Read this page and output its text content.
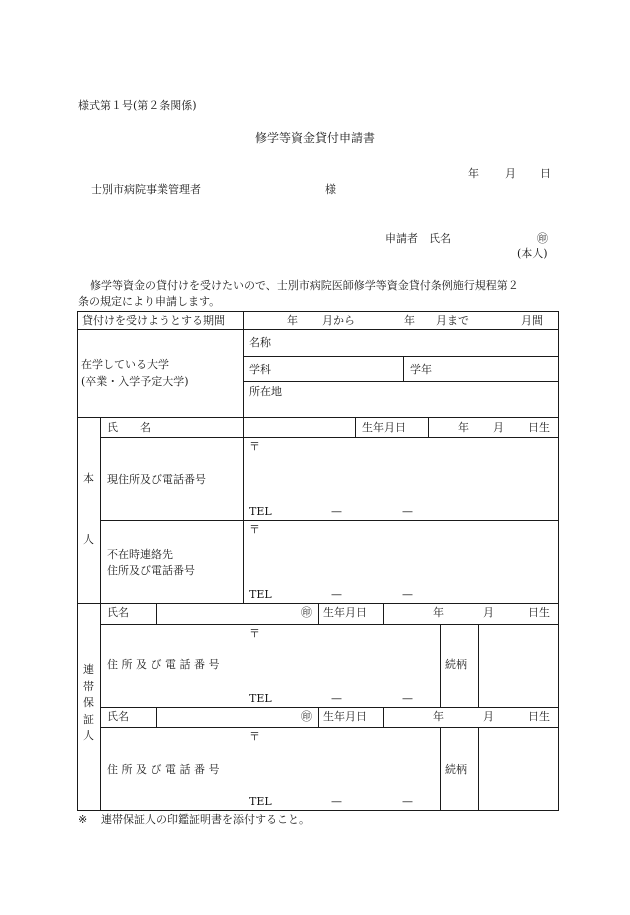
様式第１号(第２条関係)
修学等資金貸付申請書
年 月 日
士別市病院事業管理者	様
申請者　氏名	㊞
(本人)
修学等資金の貸付けを受けたいので、士別市病院医師修学等資金貸付条例施行規程第２
条の規定により申請します。
貸付けを受けようとする期間	年 月から	年 月まで	月間
在学している大学
(卒業・入学予定大学)
名称
学科	学年
所在地
本
人
氏　　名	生年月日	年 月 日生
現住所及び電話番号
〒
TEL	—	—
不在時連絡先
住所及び電話番号
〒
TEL	—	—
連
帯
保
証
人
氏名	㊞ 生年月日	年	月	日生
住 所 及 び 電 話 番 号
〒
TEL	—	—
続柄
氏名	㊞ 生年月日	年	月	日生
住 所 及 び 電 話 番 号
〒
TEL	—	—
続柄
※ 連帯保証人の印鑑証明書を添付すること。
